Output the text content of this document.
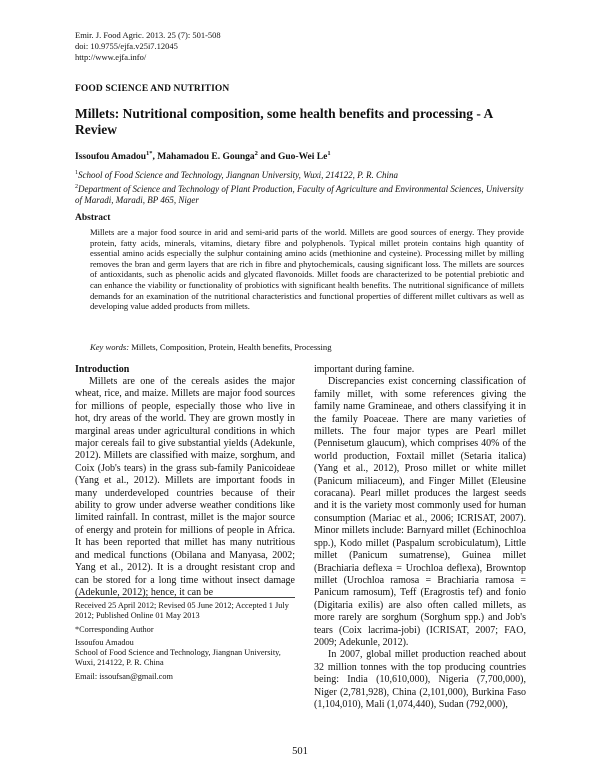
Emir. J. Food Agric. 2013. 25 (7): 501-508
doi: 10.9755/ejfa.v25i7.12045
http://www.ejfa.info/
FOOD SCIENCE AND NUTRITION
Millets: Nutritional composition, some health benefits and processing - A Review
Issoufou Amadou$^{1*}$, Mahamadou E. Gounga$^2$ and Guo-Wei Le$^1$
$^1$School of Food Science and Technology, Jiangnan University, Wuxi, 214122, P. R. China
$^2$Department of Science and Technology of Plant Production, Faculty of Agriculture and Environmental Sciences, University of Maradi, Maradi, BP 465, Niger
Abstract
Millets are a major food source in arid and semi-arid parts of the world. Millets are good sources of energy. They provide protein, fatty acids, minerals, vitamins, dietary fibre and polyphenols. Typical millet protein contains high quantity of essential amino acids especially the sulphur containing amino acids (methionine and cysteine). Processing millet by milling removes the bran and germ layers that are rich in fibre and phytochemicals, causing significant loss. The millets are sources of antioxidants, such as phenolic acids and glycated flavonoids. Millet foods are characterized to be potential prebiotic and can enhance the viability or functionality of probiotics with significant health benefits. The nutritional significance of millets demands for an examination of the nutritional characteristics and functional properties of different millet cultivars as well as developing value added products from millets.
Key words: Millets, Composition, Protein, Health benefits, Processing
Introduction

Millets are one of the cereals asides the major wheat, rice, and maize. Millets are major food sources for millions of people, especially those who live in hot, dry areas of the world. They are grown mostly in marginal areas under agricultural conditions in which major cereals fail to give substantial yields (Adekunle, 2012). Millets are classified with maize, sorghum, and Coix (Job's tears) in the grass sub-family Panicoideae (Yang et al., 2012). Millets are important foods in many underdeveloped countries because of their ability to grow under adverse weather conditions like limited rainfall. In contrast, millet is the major source of energy and protein for millions of people in Africa. It has been reported that millet has many nutritious and medical functions (Obilana and Manyasa, 2002; Yang et al., 2012). It is a drought resistant crop and can be stored for a long time without insect damage (Adekunle, 2012); hence, it can be

important during famine.

Discrepancies exist concerning classification of family millet, with some references giving the family name Gramineae, and others classifying it in the family Poaceae. There are many varieties of millets. The four major types are Pearl millet (Pennisetum glaucum), which comprises 40% of the world production, Foxtail millet (Setaria italica) (Yang et al., 2012), Proso millet or white millet (Panicum miliaceum), and Finger Millet (Eleusine coracana). Pearl millet produces the largest seeds and it is the variety most commonly used for human consumption (Mariac et al., 2006; ICRISAT, 2007). Minor millets include: Barnyard millet (Echinochloa spp.), Kodo millet (Paspalum scrobiculatum), Little millet (Panicum sumatrense), Guinea millet (Brachiaria deflexa = Urochloa deflexa), Browntop millet (Urochloa ramosa = Brachiaria ramosa = Panicum ramosum), Teff (Eragrostis tef) and fonio (Digitaria exilis) are also often called millets, as more rarely are sorghum (Sorghum spp.) and Job's tears (Coix lacrima-jobi) (ICRISAT, 2007; FAO, 2009; Adekunle, 2012).

In 2007, global millet production reached about 32 million tonnes with the top producing countries being: India (10,610,000), Nigeria (7,700,000), Niger (2,781,928), China (2,101,000), Burkina Faso (1,104,010), Mali (1,074,440), Sudan (792,000),

Received 25 April 2012; Revised 05 June 2012; Accepted 1 July 2012; Published Online 01 May 2013
*Corresponding Author
Issoufou Amadou
School of Food Science and Technology, Jiangnan University, Wuxi, 214122, P. R. China
Email: issoufsan@gmail.com
501
